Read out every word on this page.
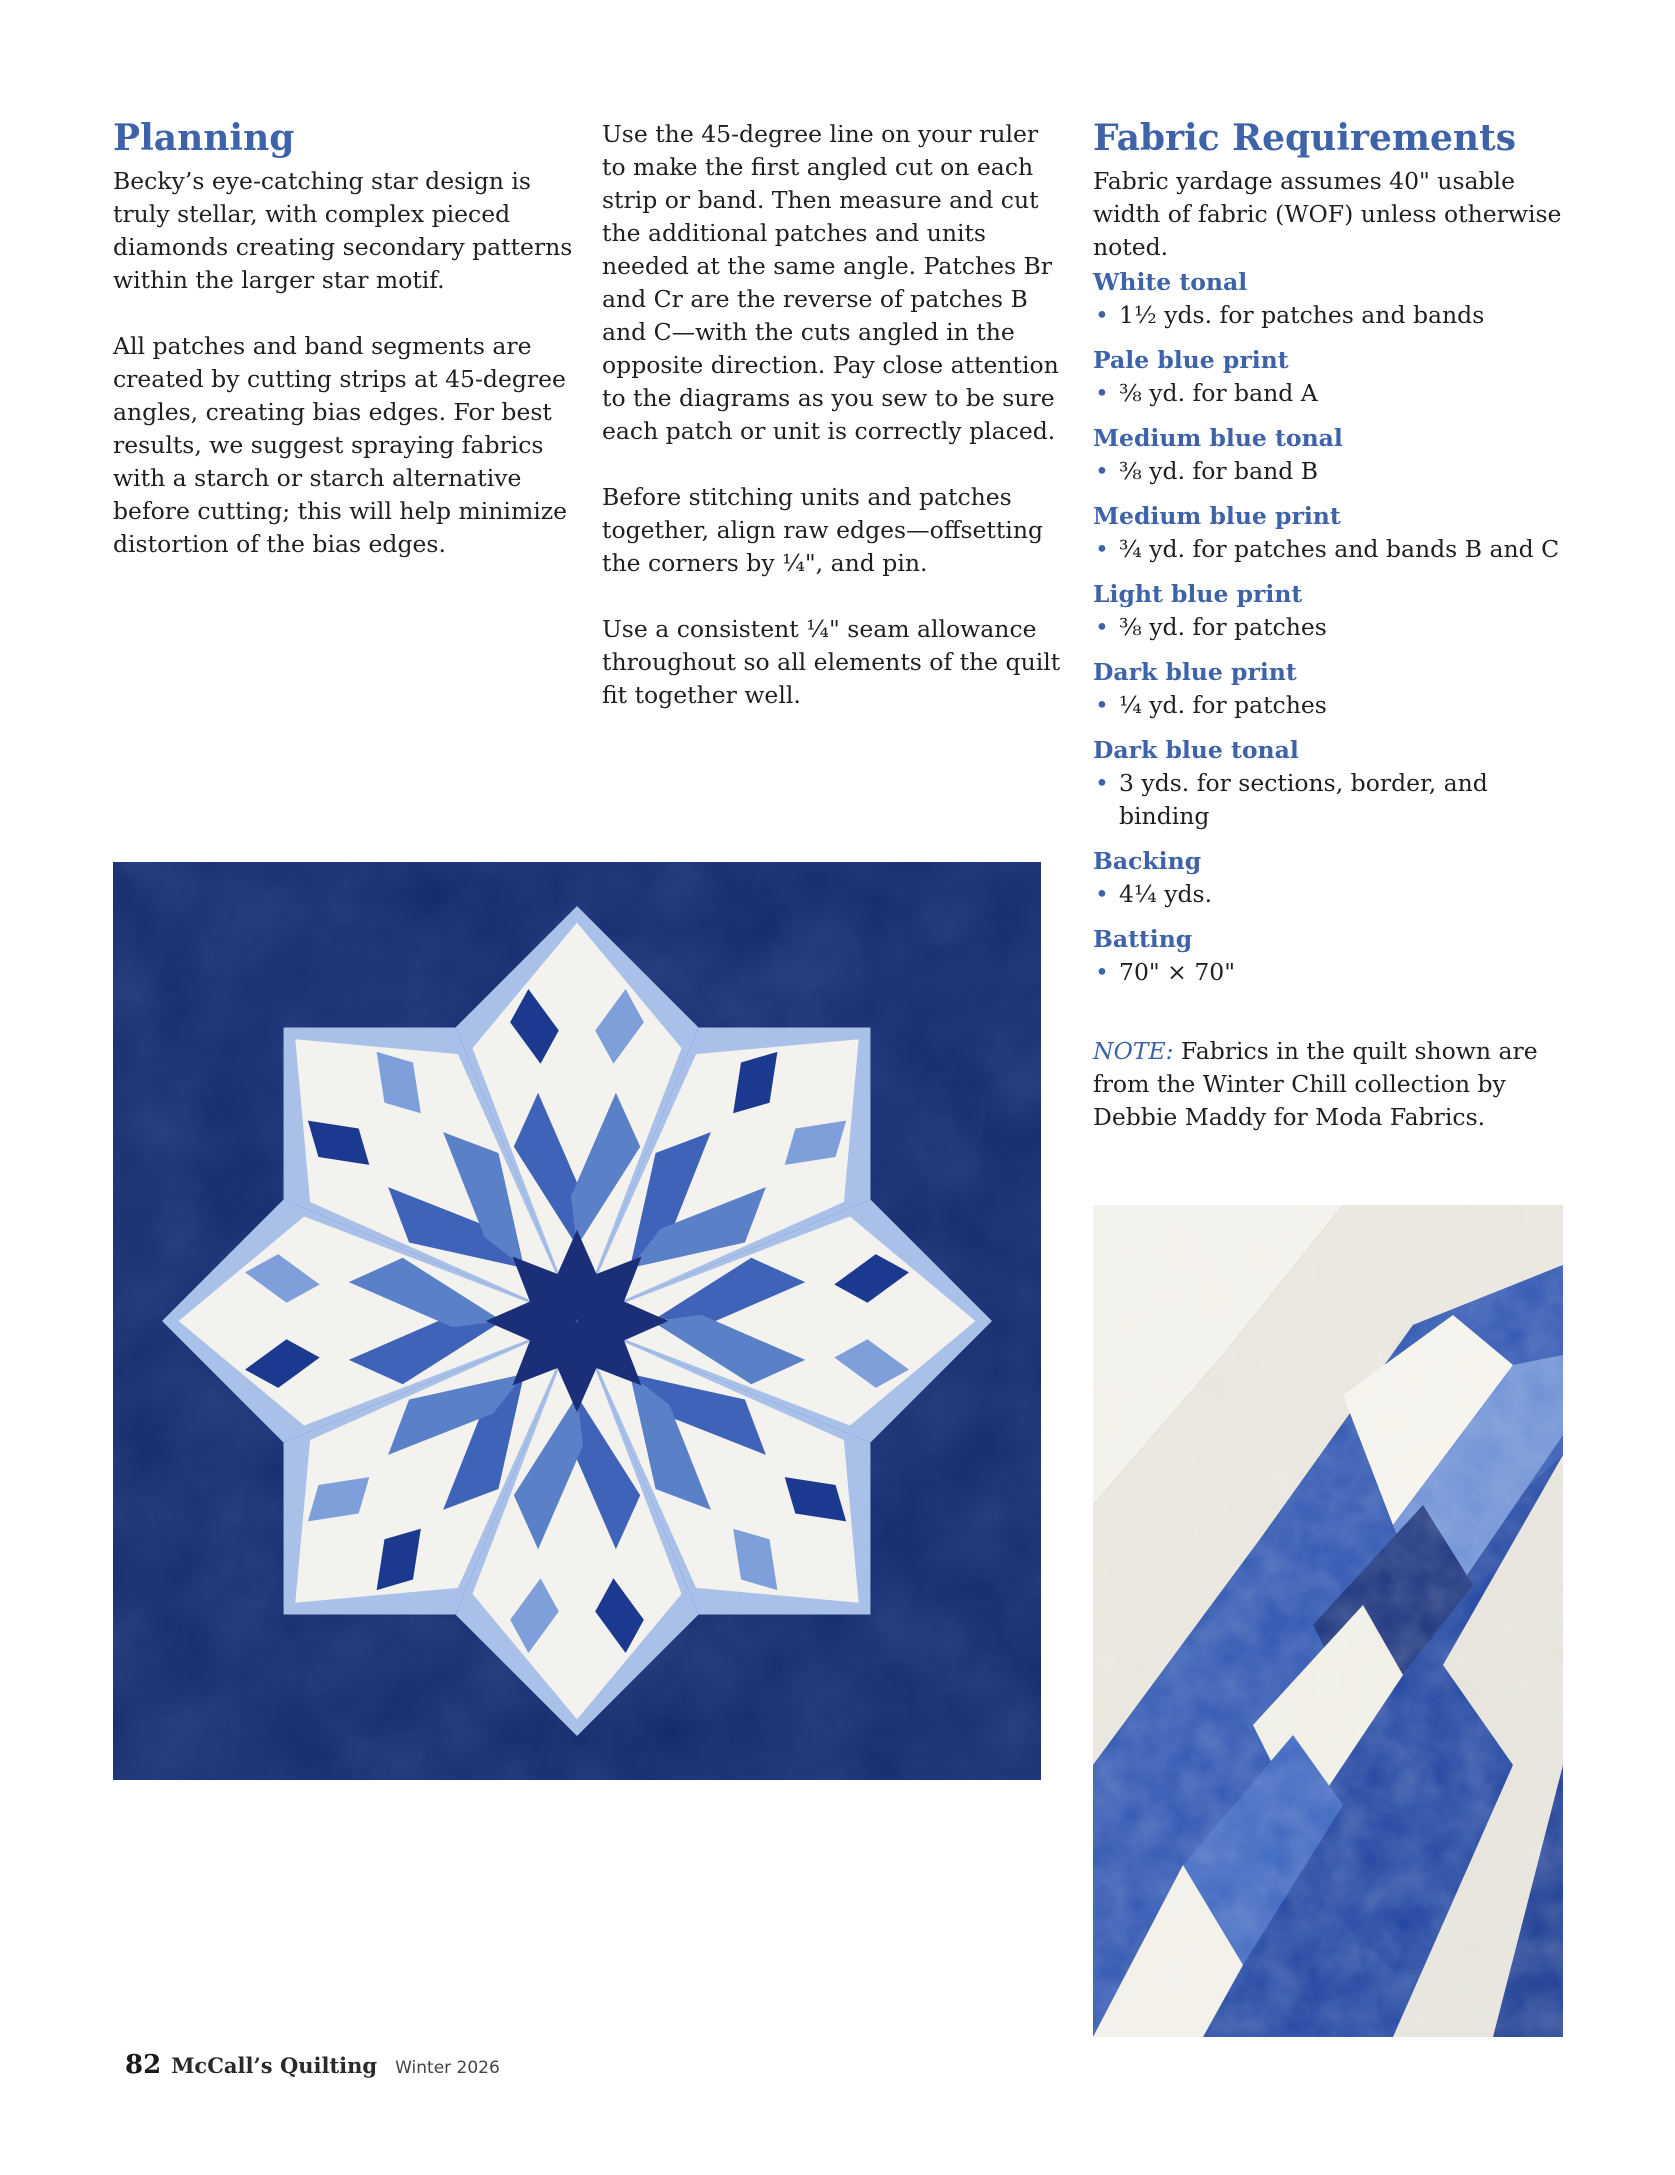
Planning

Becky’s eye-catching star design is truly stellar, with complex pieced diamonds creating secondary patterns within the larger star motif.

All patches and band segments are created by cutting strips at 45-degree angles, creating bias edges. For best results, we suggest spraying fabrics with a starch or starch alternative before cutting; this will help minimize distortion of the bias edges.

Use the 45-degree line on your ruler to make the first angled cut on each strip or band. Then measure and cut the additional patches and units needed at the same angle. Patches Br and Cr are the reverse of patches B and C—with the cuts angled in the opposite direction. Pay close attention to the diagrams as you sew to be sure each patch or unit is correctly placed.

Before stitching units and patches together, align raw edges—offsetting the corners by ¼", and pin.

Use a consistent ¼" seam allowance throughout so all elements of the quilt fit together well.

Fabric Requirements

Fabric yardage assumes 40" usable width of fabric (WOF) unless otherwise noted.

White tonal
• 1½ yds. for patches and bands
Pale blue print
• ⅜ yd. for band A
Medium blue tonal
• ⅜ yd. for band B
Medium blue print
• ¾ yd. for patches and bands B and C
Light blue print
• ⅜ yd. for patches
Dark blue print
• ¼ yd. for patches
Dark blue tonal
• 3 yds. for sections, border, and binding
Backing
• 4¼ yds.
Batting
• 70" × 70"

NOTE: Fabrics in the quilt shown are from the Winter Chill collection by Debbie Maddy for Moda Fabrics.

82 McCall’s Quilting Winter 2026
